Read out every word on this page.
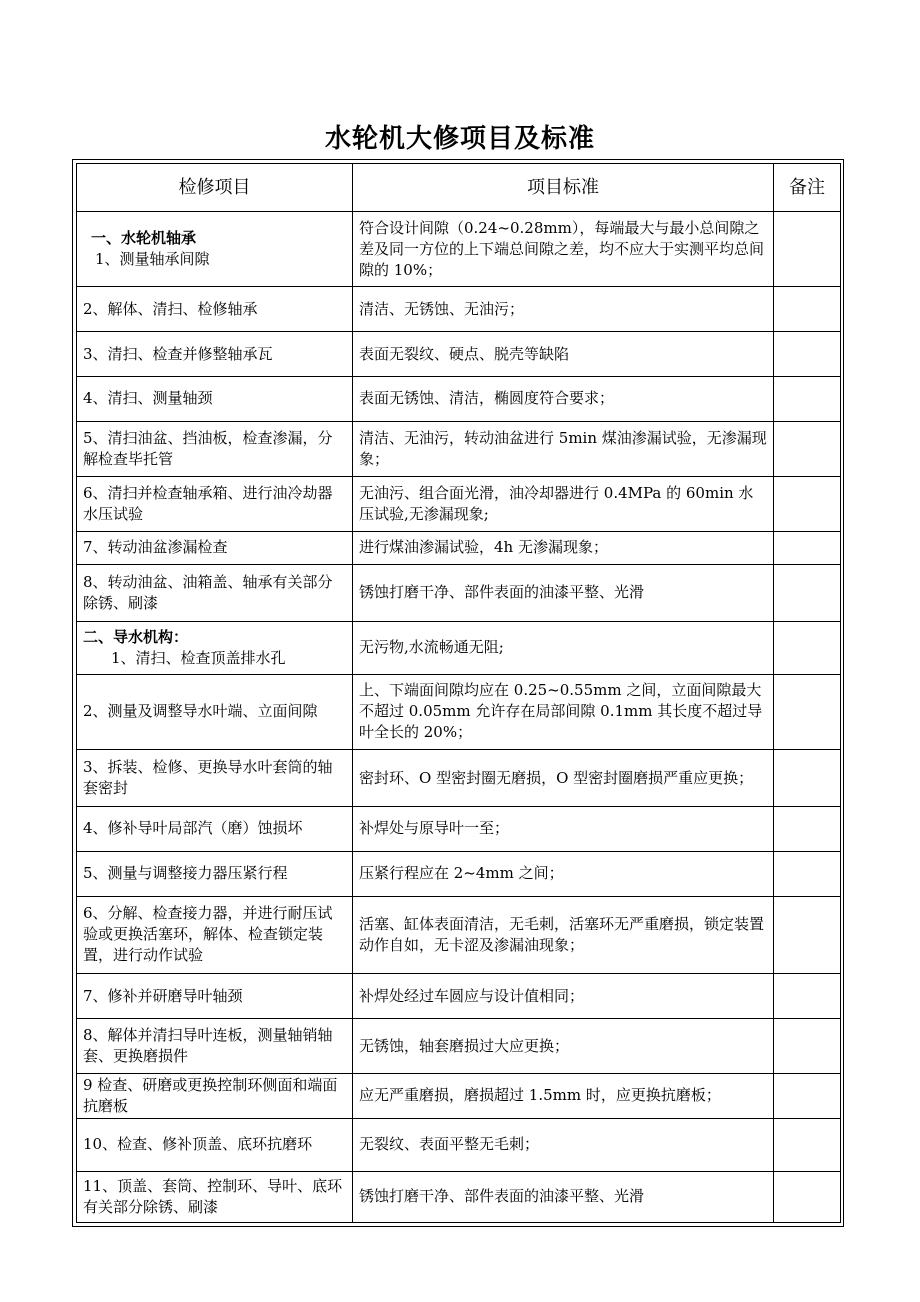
水轮机大修项目及标准
检修项目	项目标准	备注

一、水轮机轴承
1、测量轴承间隙	符合设计间隙（0.24~0.28mm），每端最大与最小总间隙之差及同一方位的上下端总间隙之差，均不应大于实测平均总间隙的 10%；	
2、解体、清扫、检修轴承	清洁、无锈蚀、无油污；	
3、清扫、检查并修整轴承瓦	表面无裂纹、硬点、脱壳等缺陷	
4、清扫、测量轴颈	表面无锈蚀、清洁，椭圆度符合要求；	
5、清扫油盆、挡油板，检查渗漏，分解检查毕托管	清洁、无油污，转动油盆进行 5min 煤油渗漏试验，无渗漏现象；	
6、清扫并检查轴承箱、进行油冷劫器水压试验	无油污、组合面光滑，油冷却器进行 0.4MPa 的 60min 水压试验,无渗漏现象;	
7、转动油盆渗漏检查	进行煤油渗漏试验，4h 无渗漏现象；	
8、转动油盆、油箱盖、轴承有关部分除锈、刷漆	锈蚀打磨干净、部件表面的油漆平整、光滑	

二、导水机构：
1、清扫、检查顶盖排水孔	无污物,水流畅通无阻;	
2、测量及调整导水叶端、立面间隙	上、下端面间隙均应在 0.25~0.55mm 之间，立面间隙最大不超过 0.05mm 允许存在局部间隙 0.1mm 其长度不超过导叶全长的 20%；	
3、拆装、检修、更换导水叶套筒的轴套密封	密封环、O 型密封圈无磨损，O 型密封圈磨损严重应更换；	
4、修补导叶局部汽（磨）蚀损坏	补焊处与原导叶一至；	
5、测量与调整接力器压紧行程	压紧行程应在 2~4mm 之间；	
6、分解、检查接力器，并进行耐压试验或更换活塞环，解体、检查锁定装置，进行动作试验	活塞、缸体表面清洁，无毛刺，活塞环无严重磨损，锁定装置动作自如，无卡涩及渗漏油现象；	
7、修补并研磨导叶轴颈	补焊处经过车圆应与设计值相同；	
8、解体并清扫导叶连板，测量轴销轴套、更换磨损件	无锈蚀，轴套磨损过大应更换；	
9 检查、研磨或更换控制环侧面和端面抗磨板	应无严重磨损，磨损超过 1.5mm 时，应更换抗磨板；	
10、检查、修补顶盖、底环抗磨环	无裂纹、表面平整无毛刺；	
11、顶盖、套筒、控制环、导叶、底环有关部分除锈、刷漆	锈蚀打磨干净、部件表面的油漆平整、光滑	
